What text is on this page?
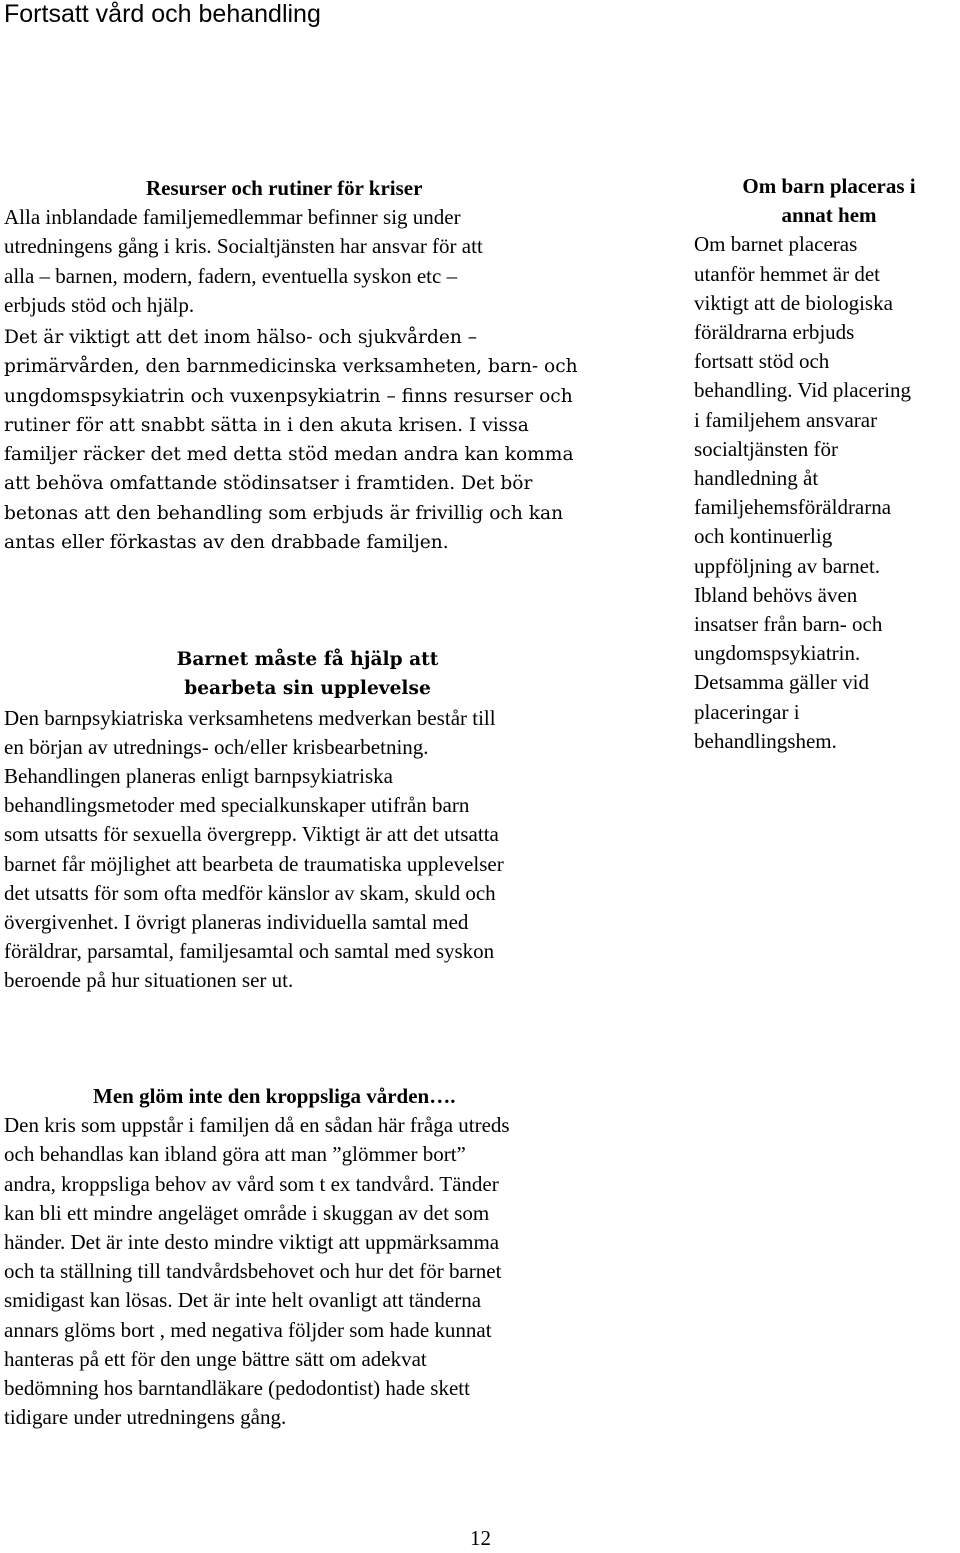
Fortsatt vård och behandling
Resurser och rutiner för kriser
Alla inblandade familjemedlemmar befinner sig under
utredningens gång i kris. Socialtjänsten har ansvar för att
alla – barnen, modern, fadern, eventuella syskon etc –
erbjuds stöd och hjälp.
Det är viktigt att det inom hälso- och sjukvården –
primärvården, den barnmedicinska verksamheten, barn- och
ungdomspsykiatrin och vuxenpsykiatrin – finns resurser och
rutiner för att snabbt sätta in i den akuta krisen. I vissa
familjer räcker det med detta stöd medan andra kan komma
att behöva omfattande stödinsatser i framtiden. Det bör
betonas att den behandling som erbjuds är frivillig och kan
antas eller förkastas av den drabbade familjen.
Barnet måste få hjälp att
bearbeta sin upplevelse
Den barnpsykiatriska verksamhetens medverkan består till
en början av utrednings- och/eller krisbearbetning.
Behandlingen planeras enligt barnpsykiatriska
behandlingsmetoder med specialkunskaper utifrån barn
som utsatts för sexuella övergrepp. Viktigt är att det utsatta
barnet får möjlighet att bearbeta de traumatiska upplevelser
det utsatts för som ofta medför känslor av skam, skuld och
övergivenhet. I övrigt planeras individuella samtal med
föräldrar, parsamtal, familjesamtal och samtal med syskon
beroende på hur situationen ser ut.
Om barn placeras i
annat hem
Om barnet placeras
utanför hemmet är det
viktigt att de biologiska
föräldrarna erbjuds
fortsatt stöd och
behandling. Vid placering
i familjehem ansvarar
socialtjänsten för
handledning åt
familjehemsföräldrarna
och kontinuerlig
uppföljning av barnet.
Ibland behövs även
insatser från barn- och
ungdomspsykiatrin.
Detsamma gäller vid
placeringar i
behandlingshem.
Men glöm inte den kroppsliga vården….
Den kris som uppstår i familjen då en sådan här fråga utreds
och behandlas kan ibland göra att man ”glömmer bort”
andra, kroppsliga behov av vård som t ex tandvård. Tänder
kan bli ett mindre angeläget område i skuggan av det som
händer. Det är inte desto mindre viktigt att uppmärksamma
och ta ställning till tandvårdsbehovet och hur det för barnet
smidigast kan lösas. Det är inte helt ovanligt att tänderna
annars glöms bort , med negativa följder som hade kunnat
hanteras på ett för den unge bättre sätt om adekvat
bedömning hos barntandläkare (pedodontist) hade skett
tidigare under utredningens gång.
12
